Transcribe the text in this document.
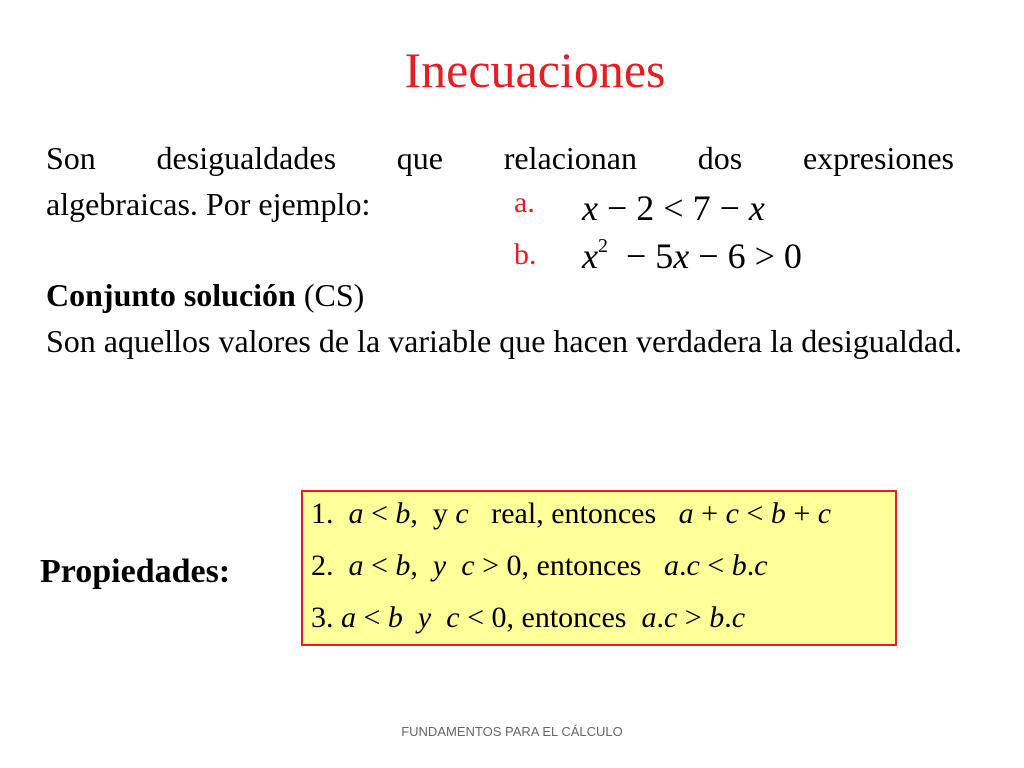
Inecuaciones
Son desigualdades que relacionan dos expresiones
algebraicas. Por ejemplo:	a. x − 2 < 7 − x
b. $x^2 - 5x - 6 > 0$
Conjunto solución (CS)
Son aquellos valores de la variable que hacen verdadera la desigualdad.
Propiedades:
1.  a < b,  y c   real, entonces   a + c < b + c
2.  a < b,  y c > 0, entonces   a.c < b.c
3. a < b y c < 0, entonces  a.c > b.c
FUNDAMENTOS PARA EL CÁLCULO
